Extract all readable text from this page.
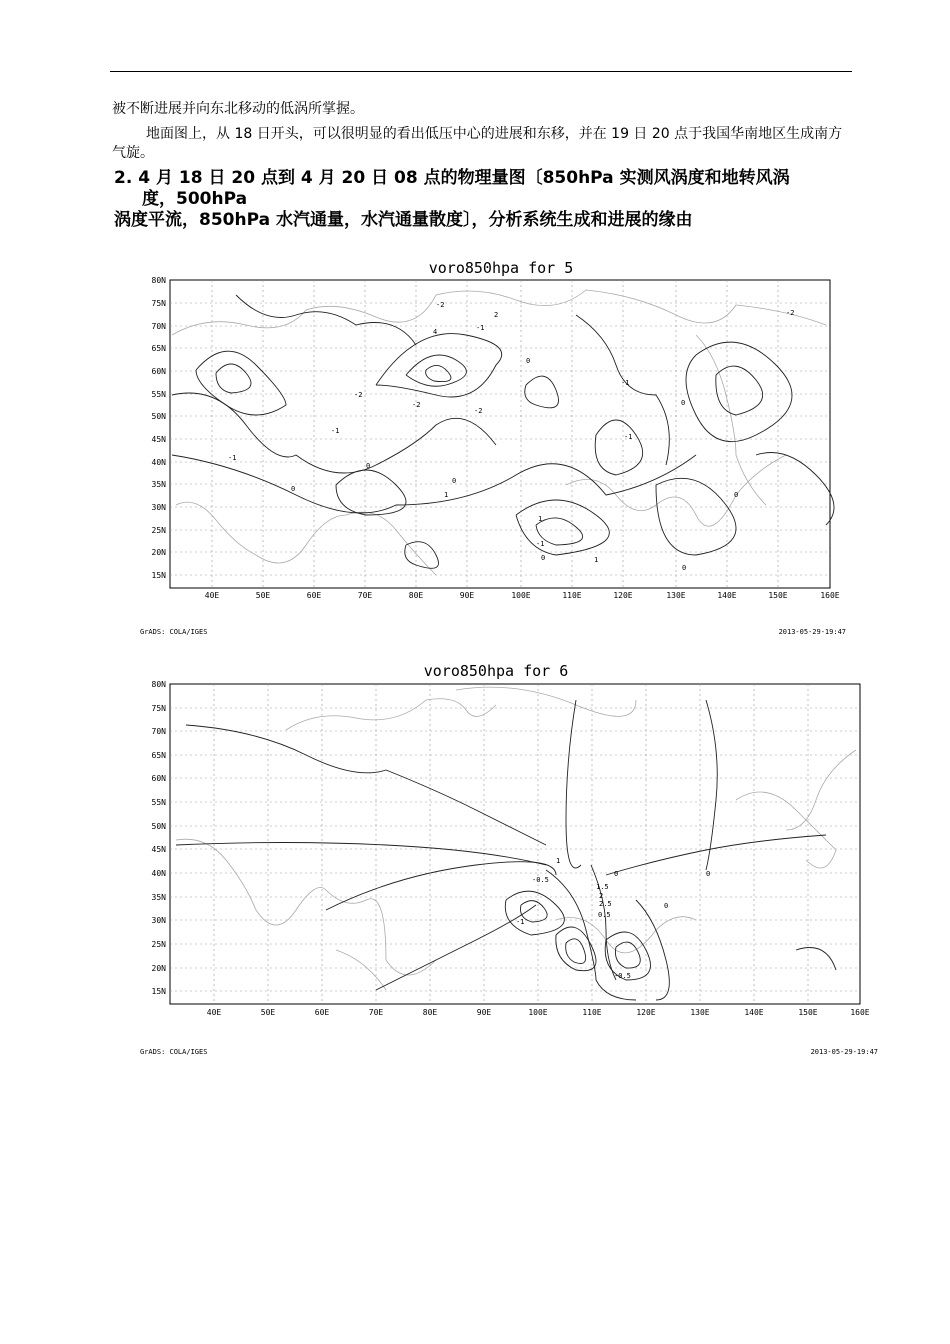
被不断进展并向东北移动的低涡所掌握。
地面图上，从 18 日开头，可以很明显的看出低压中心的进展和东移，并在 19 日 20 点于我国华南地区生成南方气旋。
2. 4 月 18 日 20 点到 4 月 20 日 08 点的物理量图〔850hPa 实测风涡度和地转风涡

度，500hPa
涡度平流，850hPa 水汽通量，水汽通量散度〕，分析系统生成和进展的缘由
voro850hpa for 5
80N
75N
70N
65N
60N
55N
50N
45N
40N
35N
30N
25N
20N
15N
40E	50E	60E	70E	80E	90E	100E	110E	120E	130E	140E	150E	160E
-2
-2
-1
-1
0
0
0
-1
-2
-2
-1
0
4
2
1
-1
0
-2
1
0
-1
0
1
0
GrADS: COLA/IGES	2013-05-29-19:47
voro850hpa for 6
80N
75N
70N
65N
60N
55N
50N
45N
40N
35N
30N
25N
20N
15N
40E	50E	60E	70E	80E	90E	100E	110E	120E	130E	140E	150E	160E
-0.5
-1
1
1.5
2
2.5
0.5
0
-0.5
0
0
GrADS: COLA/IGES	2013-05-29-19:47
